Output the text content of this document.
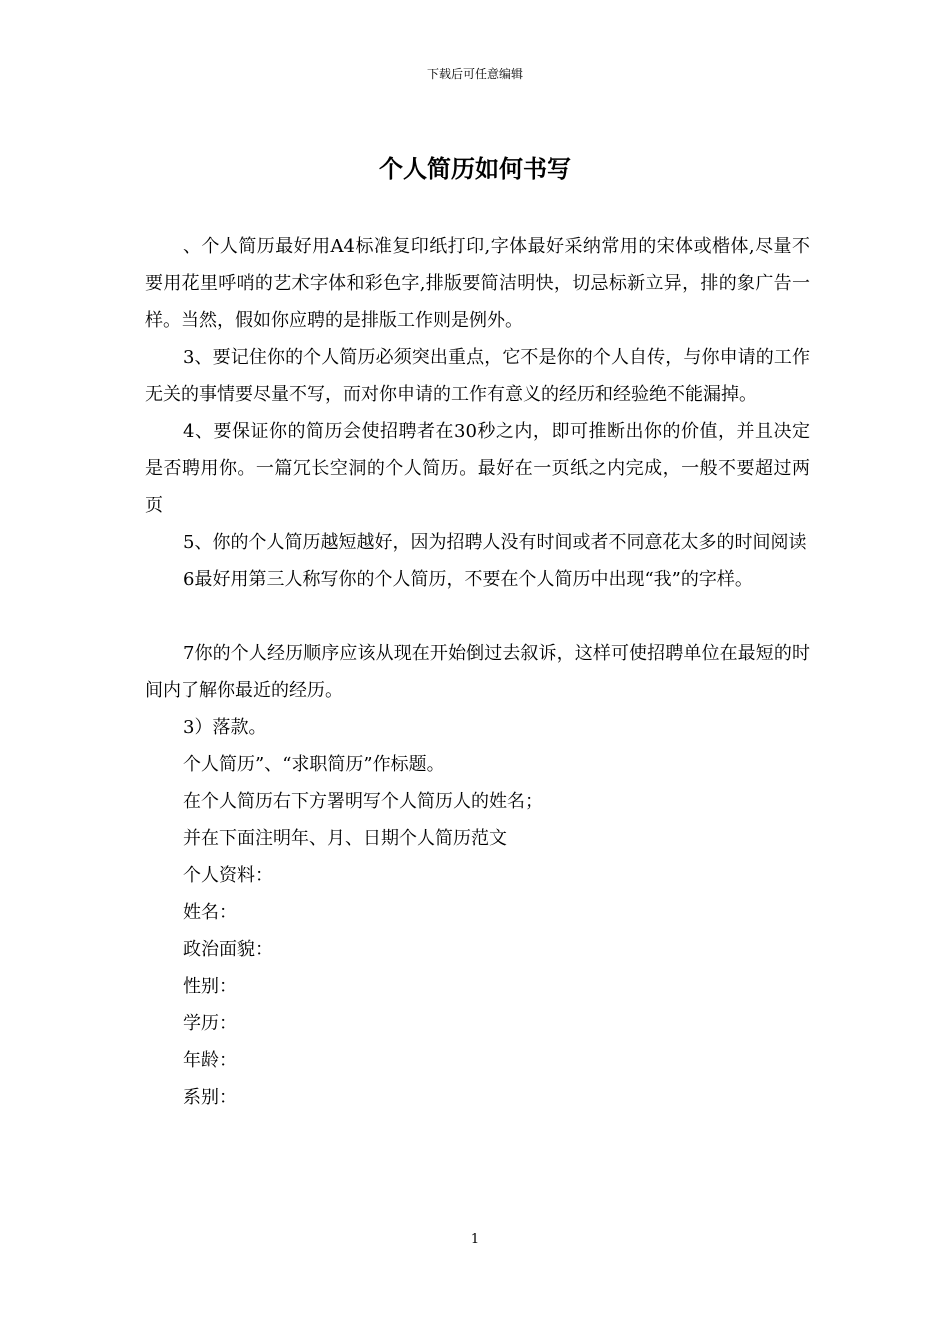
下载后可任意编辑
个人简历如何书写

、个人简历最好用A4标准复印纸打印,字体最好采纳常用的宋体或楷体,尽量不要用花里呼哨的艺术字体和彩色字,排版要简洁明快，切忌标新立异，排的象广告一样。当然，假如你应聘的是排版工作则是例外。

3、要记住你的个人简历必须突出重点，它不是你的个人自传，与你申请的工作无关的事情要尽量不写，而对你申请的工作有意义的经历和经验绝不能漏掉。

4、要保证你的简历会使招聘者在30秒之内，即可推断出你的价值，并且决定是否聘用你。一篇冗长空洞的个人简历。最好在一页纸之内完成，一般不要超过两页

5、你的个人简历越短越好，因为招聘人没有时间或者不同意花太多的时间阅读

6最好用第三人称写你的个人简历，不要在个人简历中出现“我”的字样。

7你的个人经历顺序应该从现在开始倒过去叙诉，这样可使招聘单位在最短的时间内了解你最近的经历。

3）落款。

个人简历”、“求职简历”作标题。

在个人简历右下方署明写个人简历人的姓名；

并在下面注明年、月、日期个人简历范文

个人资料：

姓名：

政治面貌：

性别：

学历：

年龄：

系别：

1
